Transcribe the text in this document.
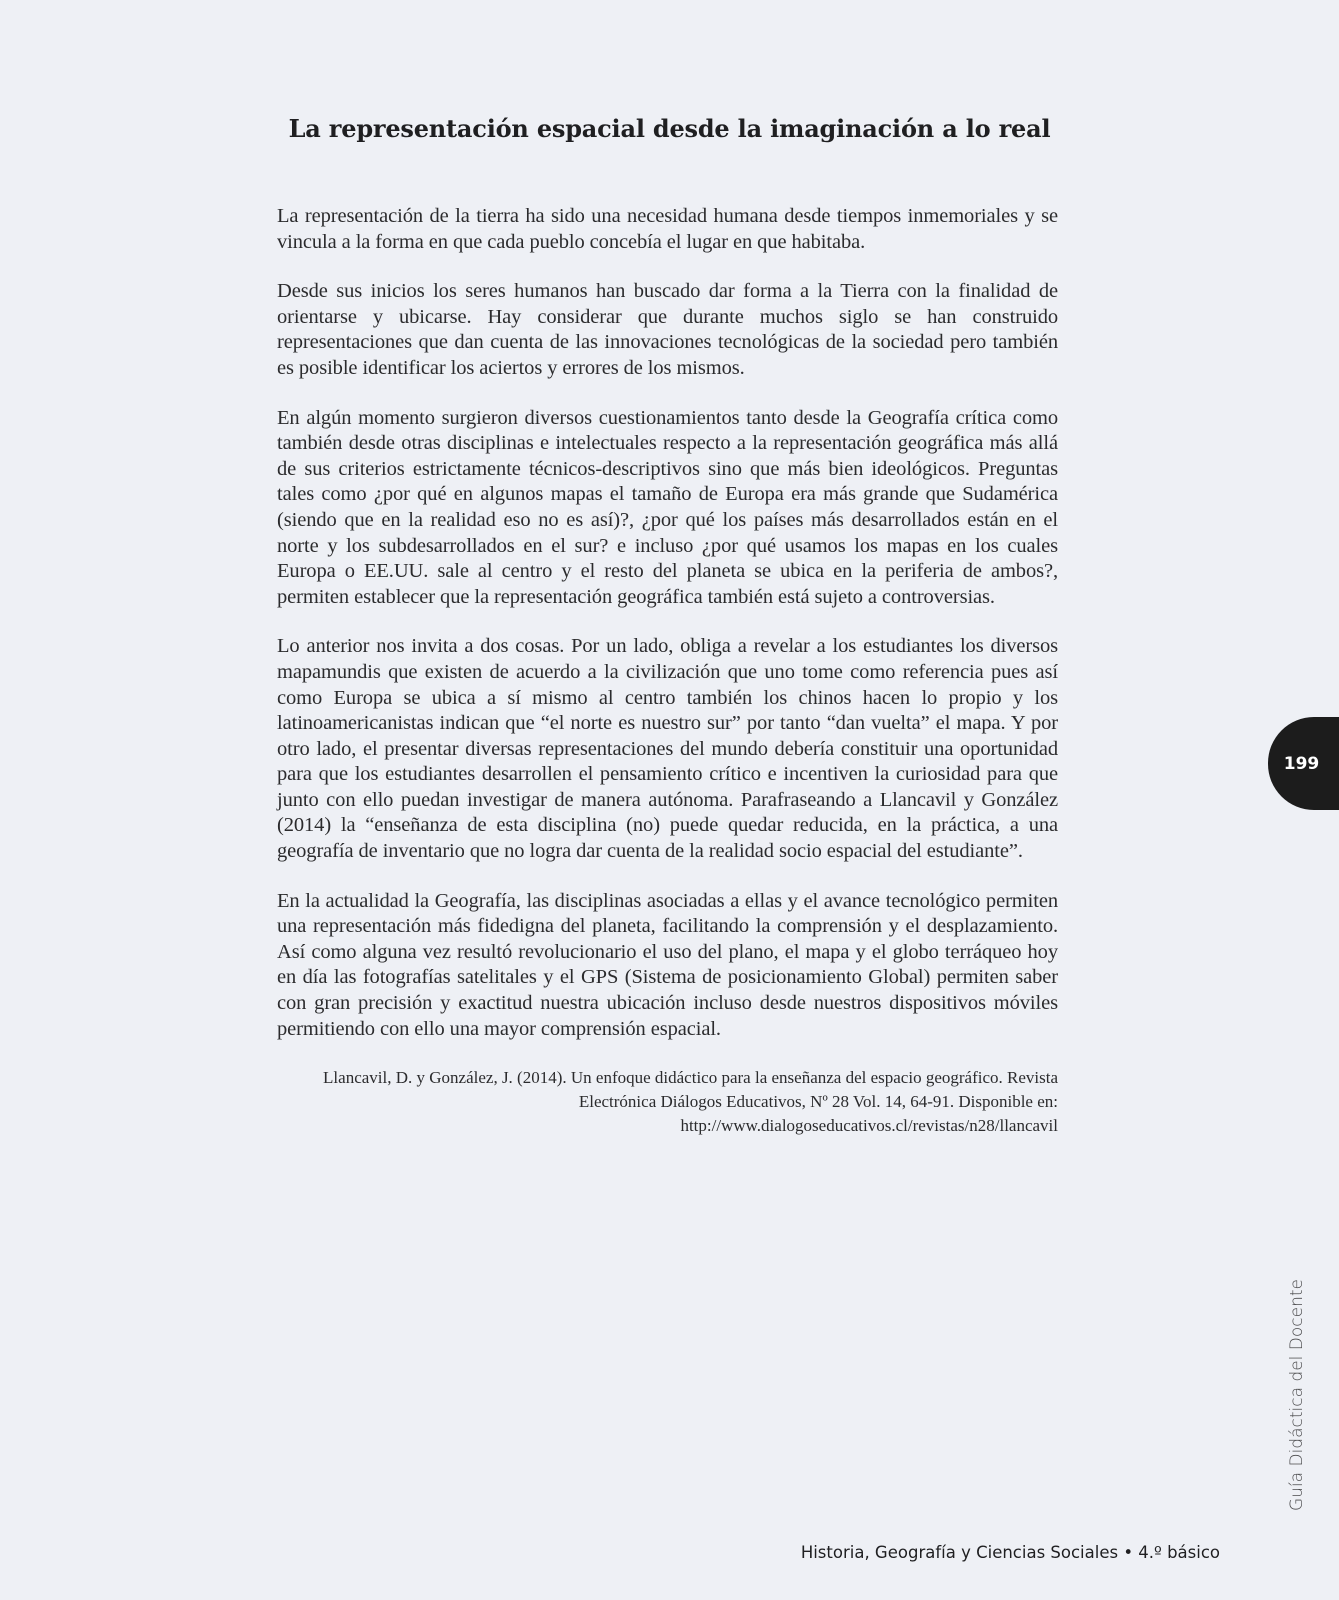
La representación espacial desde la imaginación a lo real

La representación de la tierra ha sido una necesidad humana desde tiempos inmemoriales y se vincula a la forma en que cada pueblo concebía el lugar en que habitaba.

Desde sus inicios los seres humanos han buscado dar forma a la Tierra con la finalidad de orientarse y ubicarse. Hay considerar que durante muchos siglo se han construido representaciones que dan cuenta de las innovaciones tecnológicas de la sociedad pero también es posible identificar los aciertos y errores de los mismos.

En algún momento surgieron diversos cuestionamientos tanto desde la Geografía crítica como también desde otras disciplinas e intelectuales respecto a la representación geográfica más allá de sus criterios estrictamente técnicos-descriptivos sino que más bien ideológicos. Preguntas tales como ¿por qué en algunos mapas el tamaño de Europa era más grande que Sudamérica (siendo que en la realidad eso no es así)?, ¿por qué los países más desarrollados están en el norte y los subdesarrollados en el sur? e incluso ¿por qué usamos los mapas en los cuales Europa o EE.UU. sale al centro y el resto del planeta se ubica en la periferia de ambos?, permiten establecer que la representación geográfica también está sujeto a controversias.

Lo anterior nos invita a dos cosas. Por un lado, obliga a revelar a los estudiantes los diversos mapamundis que existen de acuerdo a la civilización que uno tome como referencia pues así como Europa se ubica a sí mismo al centro también los chinos hacen lo propio y los latinoamericanistas indican que “el norte es nuestro sur” por tanto “dan vuelta” el mapa. Y por otro lado, el presentar diversas representaciones del mundo debería constituir una oportunidad para que los estudiantes desarrollen el pensamiento crítico e incentiven la curiosidad para que junto con ello puedan investigar de manera autónoma. Parafraseando a Llancavil y González (2014) la “enseñanza de esta disciplina (no) puede quedar reducida, en la práctica, a una geografía de inventario que no logra dar cuenta de la realidad socio espacial del estudiante”.

En la actualidad la Geografía, las disciplinas asociadas a ellas y el avance tecnológico permiten una representación más fidedigna del planeta, facilitando la comprensión y el desplazamiento. Así como alguna vez resultó revolucionario el uso del plano, el mapa y el globo terráqueo hoy en día las fotografías satelitales y el GPS (Sistema de posicionamiento Global) permiten saber con gran precisión y exactitud nuestra ubicación incluso desde nuestros dispositivos móviles permitiendo con ello una mayor comprensión espacial.

Llancavil, D. y González, J. (2014). Un enfoque didáctico para la enseñanza del espacio geográfico. Revista Electrónica Diálogos Educativos, Nº 28 Vol. 14, 64-91. Disponible en: http://www.dialogoseducativos.cl/revistas/n28/llancavil

199
Guía Didáctica del Docente
Historia, Geografía y Ciencias Sociales • 4.º básico
